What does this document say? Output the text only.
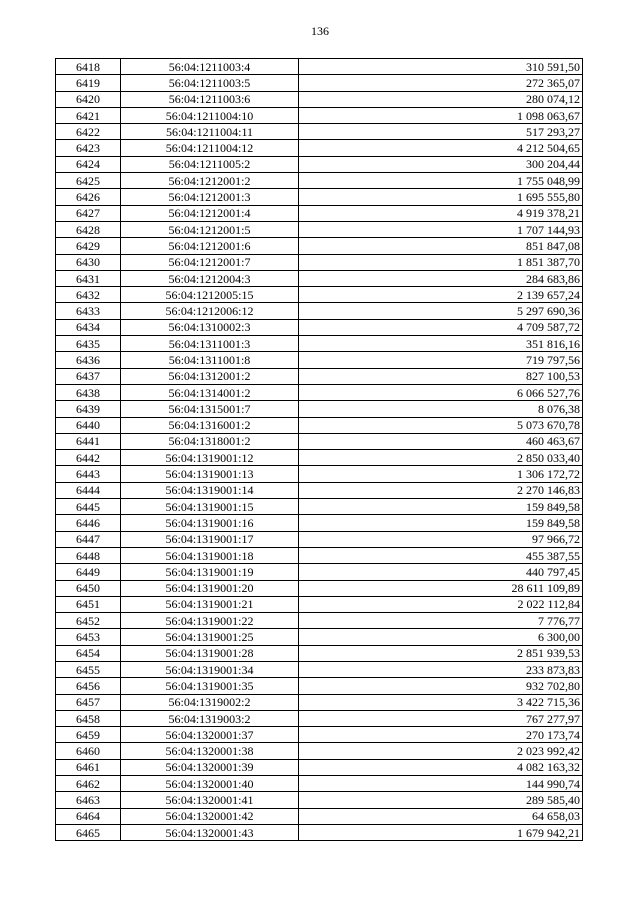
136
6418	56:04:1211003:4	310 591,50
6419	56:04:1211003:5	272 365,07
6420	56:04:1211003:6	280 074,12
6421	56:04:1211004:10	1 098 063,67
6422	56:04:1211004:11	517 293,27
6423	56:04:1211004:12	4 212 504,65
6424	56:04:1211005:2	300 204,44
6425	56:04:1212001:2	1 755 048,99
6426	56:04:1212001:3	1 695 555,80
6427	56:04:1212001:4	4 919 378,21
6428	56:04:1212001:5	1 707 144,93
6429	56:04:1212001:6	851 847,08
6430	56:04:1212001:7	1 851 387,70
6431	56:04:1212004:3	284 683,86
6432	56:04:1212005:15	2 139 657,24
6433	56:04:1212006:12	5 297 690,36
6434	56:04:1310002:3	4 709 587,72
6435	56:04:1311001:3	351 816,16
6436	56:04:1311001:8	719 797,56
6437	56:04:1312001:2	827 100,53
6438	56:04:1314001:2	6 066 527,76
6439	56:04:1315001:7	8 076,38
6440	56:04:1316001:2	5 073 670,78
6441	56:04:1318001:2	460 463,67
6442	56:04:1319001:12	2 850 033,40
6443	56:04:1319001:13	1 306 172,72
6444	56:04:1319001:14	2 270 146,83
6445	56:04:1319001:15	159 849,58
6446	56:04:1319001:16	159 849,58
6447	56:04:1319001:17	97 966,72
6448	56:04:1319001:18	455 387,55
6449	56:04:1319001:19	440 797,45
6450	56:04:1319001:20	28 611 109,89
6451	56:04:1319001:21	2 022 112,84
6452	56:04:1319001:22	7 776,77
6453	56:04:1319001:25	6 300,00
6454	56:04:1319001:28	2 851 939,53
6455	56:04:1319001:34	233 873,83
6456	56:04:1319001:35	932 702,80
6457	56:04:1319002:2	3 422 715,36
6458	56:04:1319003:2	767 277,97
6459	56:04:1320001:37	270 173,74
6460	56:04:1320001:38	2 023 992,42
6461	56:04:1320001:39	4 082 163,32
6462	56:04:1320001:40	144 990,74
6463	56:04:1320001:41	289 585,40
6464	56:04:1320001:42	64 658,03
6465	56:04:1320001:43	1 679 942,21
